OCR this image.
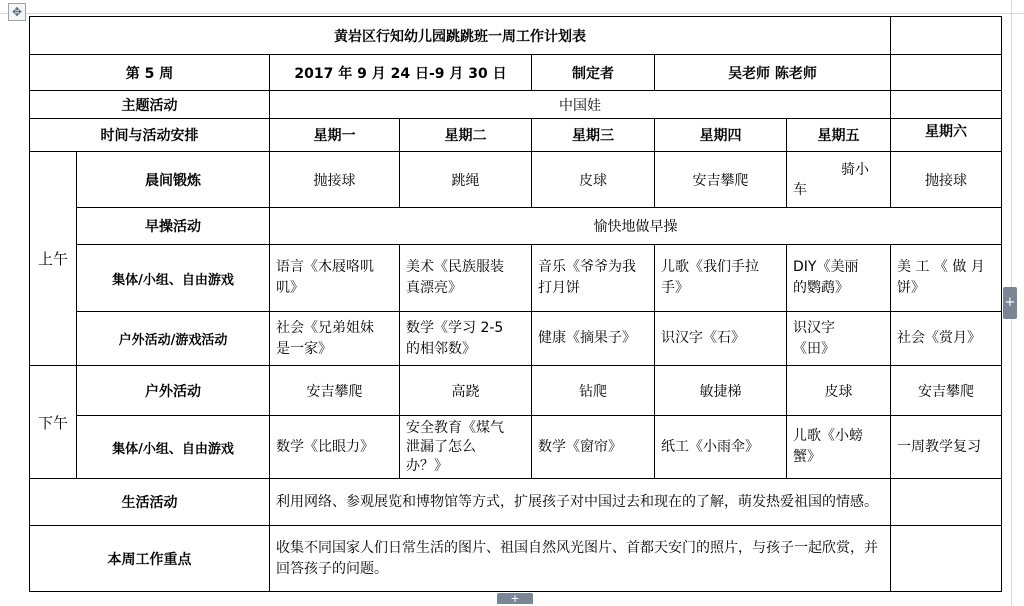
✥
黄岩区行知幼儿园跳跳班一周工作计划表							
第 5 周		2017 年 9 月 24 日-9 月 30 日		制定者	吴老师 陈老师		
主题活动		中国娃					
时间与活动安排		星期一	星期二	星期三	星期四	星期五	星期六
上午	晨间锻炼	抛接球	跳绳	皮球	安吉攀爬	骑小
车	抛接球
	早操活动	愉快地做早操					
	集体/小组、自由游戏	语言《木屐咯叽
叽》	美术《民族服装
真漂亮》	音乐《爷爷为我
打月饼	儿歌《我们手拉
手》	DIY《美丽
的鹦鹉》	美 工 《 做 月
饼》
	户外活动/游戏活动	社会《兄弟姐妹
是一家》	数学《学习 2-5
的相邻数》	健康《摘果子》	识汉字《石》	识汉字
《田》	社会《赏月》
下午	户外活动	安吉攀爬	高跷	钻爬	敏捷梯	皮球	安吉攀爬
	集体/小组、自由游戏	数学《比眼力》	安全教育《煤气
泄漏了怎么
办？》	数学《窗帘》	纸工《小雨伞》	儿歌《小螃
蟹》	一周教学复习
生活活动		利用网络、参观展览和博物馆等方式，扩展孩子对中国过去和现在的了解，萌发热爱祖国的情感。					
本周工作重点		收集不同国家人们日常生活的图片、祖国自然风光图片、首都天安门的照片，与孩子一起欣赏，并回答孩子的问题。					
+
+
